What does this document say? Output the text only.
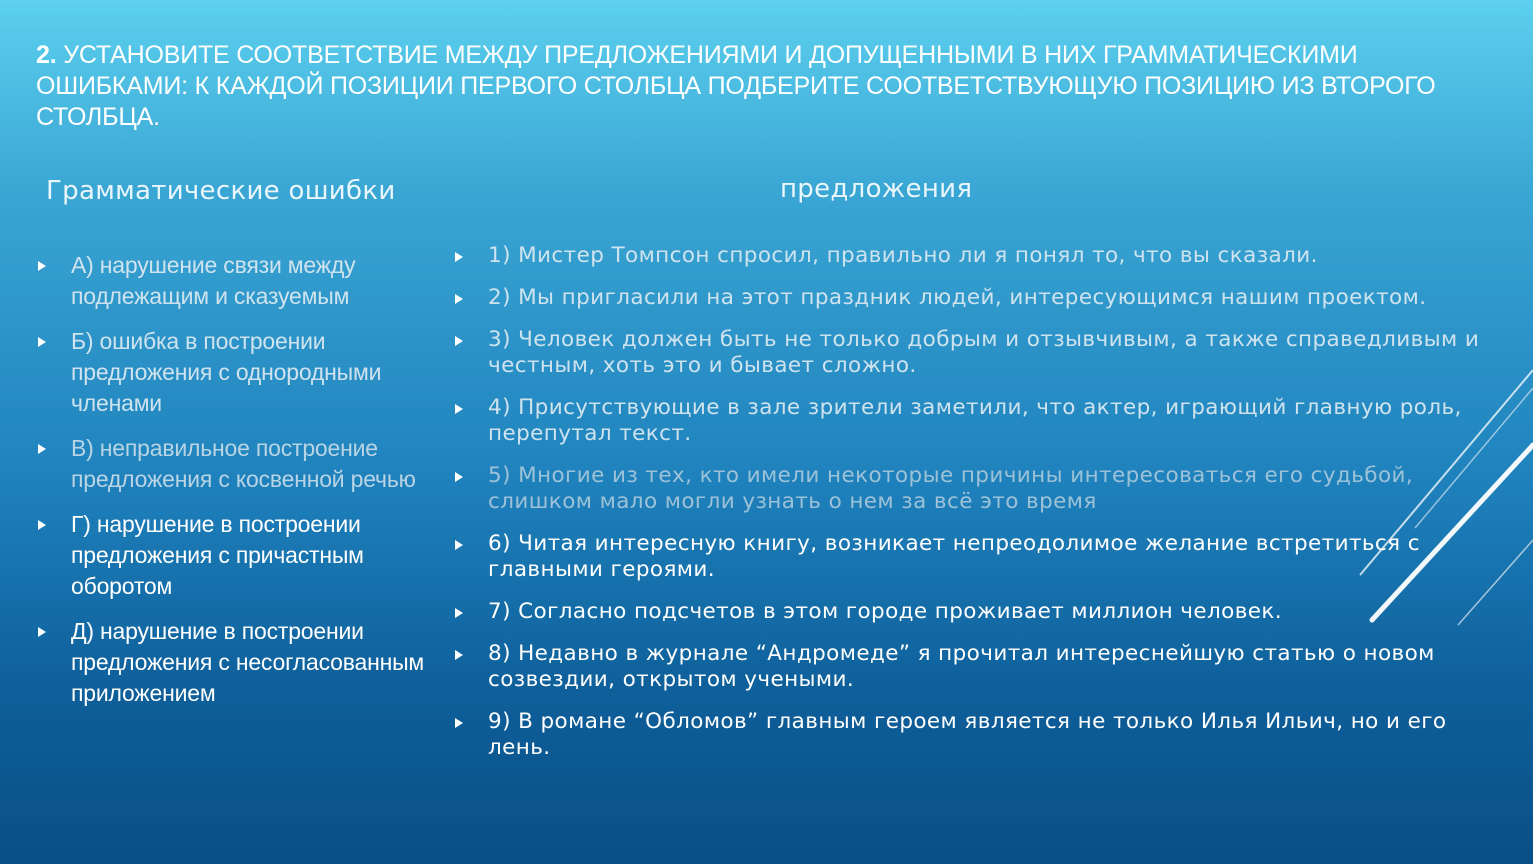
2. УСТАНОВИТЕ СООТВЕТСТВИЕ МЕЖДУ ПРЕДЛОЖЕНИЯМИ И ДОПУЩЕННЫМИ В НИХ ГРАММАТИЧЕСКИМИ ОШИБКАМИ: К КАЖДОЙ ПОЗИЦИИ ПЕРВОГО СТОЛБЦА ПОДБЕРИТЕ СООТВЕТСТВУЮЩУЮ ПОЗИЦИЮ ИЗ ВТОРОГО СТОЛБЦА.
Грамматические ошибки	предложения
А) нарушение связи между подлежащим и сказуемым
Б) ошибка в построении предложения с однородными членами
В) неправильное построение предложения с косвенной речью
Г) нарушение в построении предложения с причастным оборотом
Д) нарушение в построении предложения с несогласованным приложением
1) Мистер Томпсон спросил, правильно ли я понял то, что вы сказали.
2) Мы пригласили на этот праздник людей, интересующимся нашим проектом.
3) Человек должен быть не только добрым и отзывчивым, а также справедливым и честным, хоть это и бывает сложно.
4) Присутствующие в зале зрители заметили, что актер, играющий главную роль, перепутал текст.
5) Многие из тех, кто имели некоторые причины интересоваться его судьбой, слишком мало могли узнать о нем за всё это время
6) Читая интересную книгу, возникает непреодолимое желание встретиться с главными героями.
7) Согласно подсчетов в этом городе проживает миллион человек.
8) Недавно в журнале “Андромеде” я прочитал интереснейшую статью о новом созвездии, открытом учеными.
9) В романе “Обломов” главным героем является не только Илья Ильич, но и его лень.
